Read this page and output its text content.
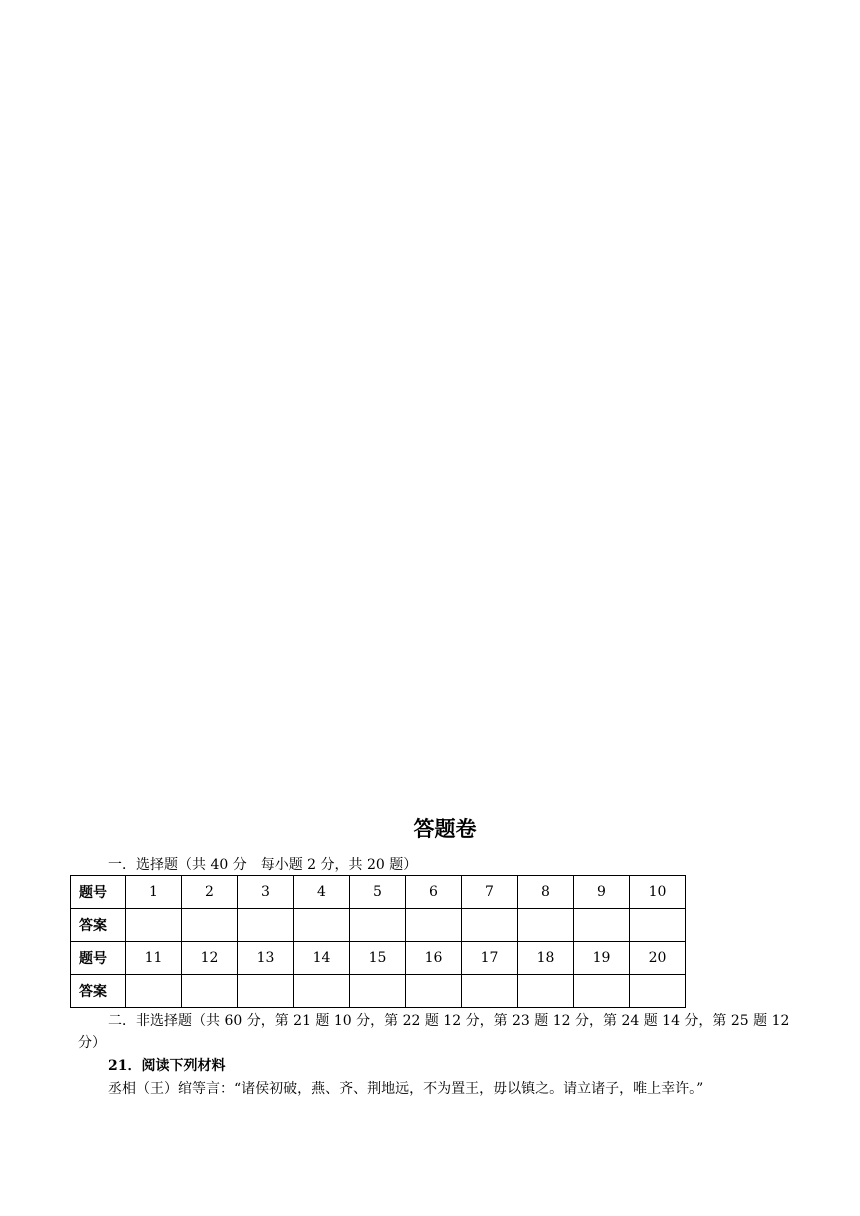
答题卷
一．选择题（共 40 分　每小题 2 分，共 20 题）
题号	1	2	3	4	5	6	7	8	9	10
答案										
题号	11	12	13	14	15	16	17	18	19	20
答案										
二．非选择题（共 60 分，第 21 题 10 分，第 22 题 12 分，第 23 题 12 分，第 24 题 14 分，第 25 题 12
分）
21．阅读下列材料
丞相（王）绾等言：“诸侯初破，燕、齐、荆地远，不为置王，毋以镇之。请立诸子，唯上幸许。”
